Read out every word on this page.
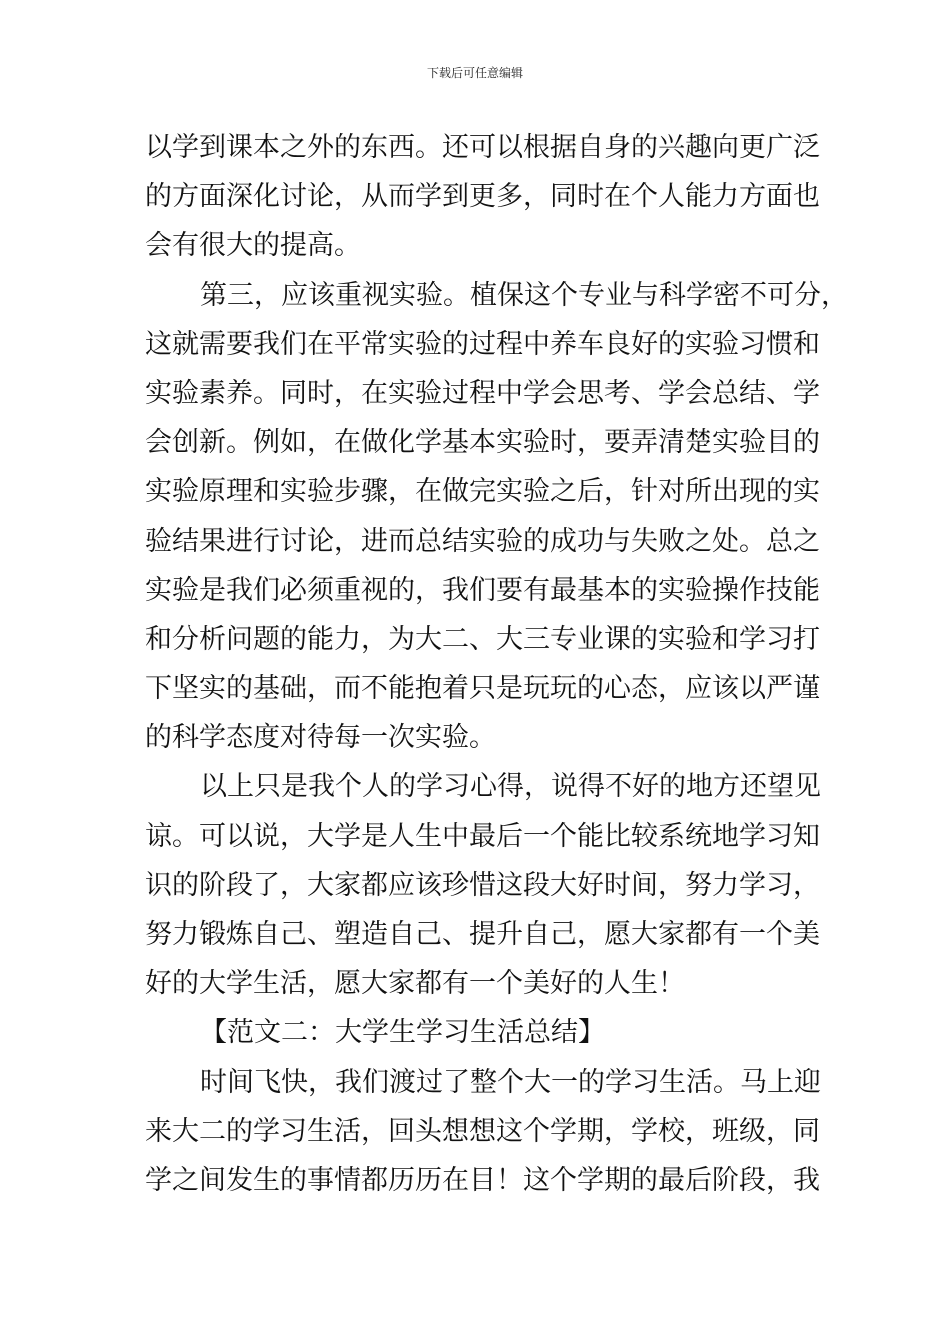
下载后可任意编辑
以学到课本之外的东西。还可以根据自身的兴趣向更广泛
的方面深化讨论，从而学到更多，同时在个人能力方面也
会有很大的提高。
第三，应该重视实验。植保这个专业与科学密不可分，
这就需要我们在平常实验的过程中养车良好的实验习惯和
实验素养。同时，在实验过程中学会思考、学会总结、学
会创新。例如，在做化学基本实验时，要弄清楚实验目的
实验原理和实验步骤，在做完实验之后，针对所出现的实
验结果进行讨论，进而总结实验的成功与失败之处。总之
实验是我们必须重视的，我们要有最基本的实验操作技能
和分析问题的能力，为大二、大三专业课的实验和学习打
下坚实的基础，而不能抱着只是玩玩的心态，应该以严谨
的科学态度对待每一次实验。
以上只是我个人的学习心得，说得不好的地方还望见
谅。可以说，大学是人生中最后一个能比较系统地学习知
识的阶段了，大家都应该珍惜这段大好时间，努力学习，
努力锻炼自己、塑造自己、提升自己，愿大家都有一个美
好的大学生活，愿大家都有一个美好的人生！
【范文二：大学生学习生活总结】
时间飞快，我们渡过了整个大一的学习生活。马上迎
来大二的学习生活，回头想想这个学期，学校，班级，同
学之间发生的事情都历历在目！这个学期的最后阶段，我
